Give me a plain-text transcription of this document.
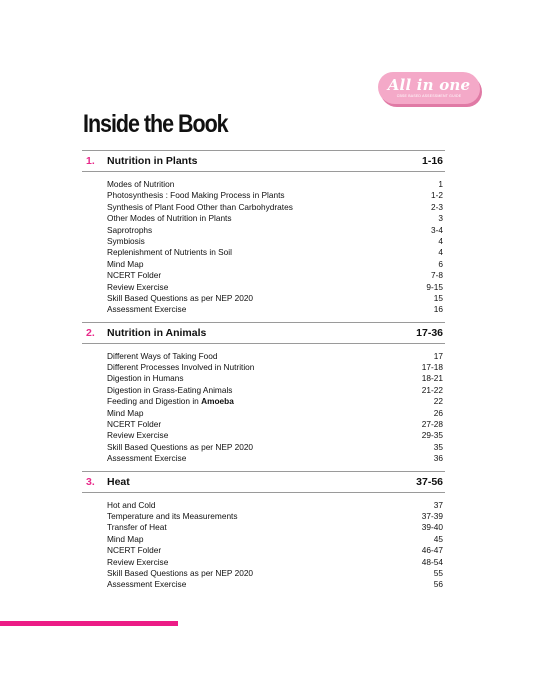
All in one
CBSE BASED ASSESSMENT GUIDE
Inside the Book
1.	Nutrition in Plants	1-16
Modes of Nutrition	1
Photosynthesis : Food Making Process in Plants	1-2
Synthesis of Plant Food Other than Carbohydrates	2-3
Other Modes of Nutrition in Plants	3
Saprotrophs	3-4
Symbiosis	4
Replenishment of Nutrients in Soil	4
Mind Map	6
NCERT Folder	7-8
Review Exercise	9-15
Skill Based Questions as per NEP 2020	15
Assessment Exercise	16
2.	Nutrition in Animals	17-36
Different Ways of Taking Food	17
Different Processes Involved in Nutrition	17-18
Digestion in Humans	18-21
Digestion in Grass-Eating Animals	21-22
Feeding and Digestion in Amoeba	22
Mind Map	26
NCERT Folder	27-28
Review Exercise	29-35
Skill Based Questions as per NEP 2020	35
Assessment Exercise	36
3.	Heat	37-56
Hot and Cold	37
Temperature and its Measurements	37-39
Transfer of Heat	39-40
Mind Map	45
NCERT Folder	46-47
Review Exercise	48-54
Skill Based Questions as per NEP 2020	55
Assessment Exercise	56
